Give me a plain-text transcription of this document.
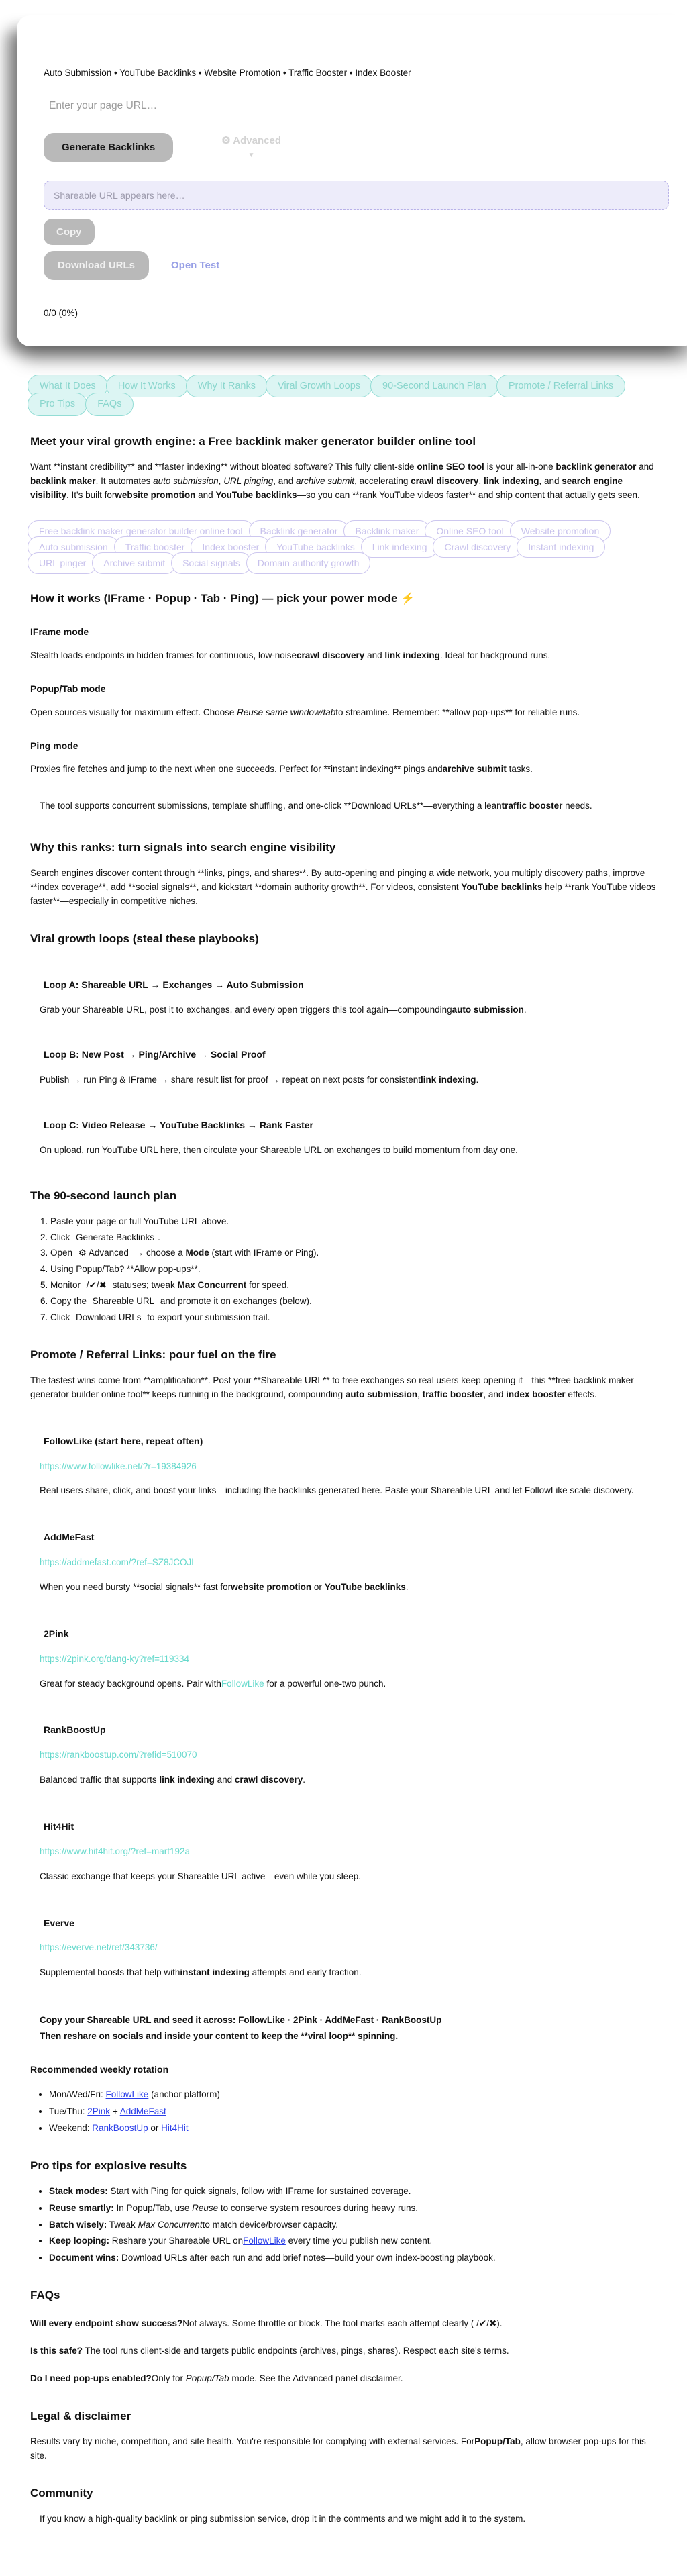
Auto Submission • YouTube Backlinks • Website Promotion • Traffic Booster • Index Booster
Enter your page URL…
Generate Backlinks
⚙ Advanced
▼
Shareable URL appears here…
Copy
Download URLs	Open Test
0/0 (0%)
What It Does How It Works Why It Ranks Viral Growth Loops 90-Second Launch Plan Promote / Referral LinksPro Tips FAQs
Meet your viral growth engine: a Free backlink maker generator builder online tool

Want **instant credibility** and **faster indexing** without bloated software? This fully client-side online SEO tool is your all-in-one backlink generator and backlink maker. It automates auto submission, URL pinging, and archive submit, accelerating crawl discovery, link indexing, and search engine visibility. It's built forwebsite promotion and YouTube backlinks—so you can **rank YouTube videos faster** and ship content that actually gets seen.

Free backlink maker generator builder online tool Backlink generator Backlink maker Online SEO tool Website promotionAuto submission Traffic booster Index booster YouTube backlinks Link indexing Crawl discovery Instant indexingURL pinger Archive submit Social signals Domain authority growth
How it works (IFrame · Popup · Tab · Ping) — pick your power mode ⚡
IFrame mode

Stealth loads endpoints in hidden frames for continuous, low-noisecrawl discovery and link indexing. Ideal for background runs.

Popup/Tab mode

Open sources visually for maximum effect. Choose Reuse same window/tabto streamline. Remember: **allow pop-ups** for reliable runs.

Ping mode

Proxies fire fetches and jump to the next when one succeeds. Perfect for **instant indexing** pings andarchive submit tasks.

The tool supports concurrent submissions, template shuffling, and one-click **Download URLs**—everything a leantraffic booster needs.

Why this ranks: turn signals into search engine visibility

Search engines discover content through **links, pings, and shares**. By auto-opening and pinging a wide network, you multiply discovery paths, improve **index coverage**, add **social signals**, and kickstart **domain authority growth**. For videos, consistent YouTube backlinks help **rank YouTube videos faster**—especially in competitive niches.

Viral growth loops (steal these playbooks)
Loop A: Shareable URL → Exchanges → Auto Submission

Grab your Shareable URL, post it to exchanges, and every open triggers this tool again—compoundingauto submission.

Loop B: New Post → Ping/Archive → Social Proof

Publish → run Ping & IFrame → share result list for proof → repeat on next posts for consistentlink indexing.

Loop C: Video Release → YouTube Backlinks → Rank Faster

On upload, run YouTube URL here, then circulate your Shareable URL on exchanges to build momentum from day one.

The 90-second launch plan
1. Paste your page or full YouTube URL above.
2. Click Generate Backlinks .
3. Open ⚙ Advanced → choose a Mode (start with IFrame or Ping).
4. Using Popup/Tab? **Allow pop-ups**.
5. Monitor /✔/✖ statuses; tweak Max Concurrent for speed.
6. Copy the Shareable URL and promote it on exchanges (below).
7. Click Download URLs to export your submission trail.
Promote / Referral Links: pour fuel on the fire

The fastest wins come from **amplification**. Post your **Shareable URL** to free exchanges so real users keep opening it—this **free backlink maker generator builder online tool** keeps running in the background, compounding auto submission, traffic booster, and index booster effects.

FollowLike (start here, repeat often)
https://www.followlike.net/?r=19384926

Real users share, click, and boost your links—including the backlinks generated here. Paste your Shareable URL and let FollowLike scale discovery.

AddMeFast
https://addmefast.com/?ref=SZ8JCOJL

When you need bursty **social signals** fast forwebsite promotion or YouTube backlinks.

2Pink
https://2pink.org/dang-ky?ref=119334

Great for steady background opens. Pair withFollowLike for a powerful one-two punch.

RankBoostUp
https://rankboostup.com/?refid=510070

Balanced traffic that supports link indexing and crawl discovery.

Hit4Hit
https://www.hit4hit.org/?ref=mart192a

Classic exchange that keeps your Shareable URL active—even while you sleep.

Everve
https://everve.net/ref/343736/

Supplemental boosts that help withinstant indexing attempts and early traction.

Copy your Shareable URL and seed it across: FollowLike · 2Pink · AddMeFast · RankBoostUp
Then reshare on socials and inside your content to keep the **viral loop** spinning.
Recommended weekly rotation
• Mon/Wed/Fri: FollowLike (anchor platform)
• Tue/Thu: 2Pink + AddMeFast
• Weekend: RankBoostUp or Hit4Hit
Pro tips for explosive results
• Stack modes: Start with Ping for quick signals, follow with IFrame for sustained coverage.
• Reuse smartly: In Popup/Tab, use Reuse to conserve system resources during heavy runs.
• Batch wisely: Tweak Max Concurrentto match device/browser capacity.
• Keep looping: Reshare your Shareable URL onFollowLike every time you publish new content.
• Document wins: Download URLs after each run and add brief notes—build your own index-boosting playbook.
FAQs

Will every endpoint show success?Not always. Some throttle or block. The tool marks each attempt clearly ( /✔/✖).

Is this safe? The tool runs client-side and targets public endpoints (archives, pings, shares). Respect each site's terms.

Do I need pop-ups enabled?Only for Popup/Tab mode. See the Advanced panel disclaimer.

Legal & disclaimer

Results vary by niche, competition, and site health. You're responsible for complying with external services. ForPopup/Tab, allow browser pop-ups for this site.

Community

If you know a high-quality backlink or ping submission service, drop it in the comments and we might add it to the system.
